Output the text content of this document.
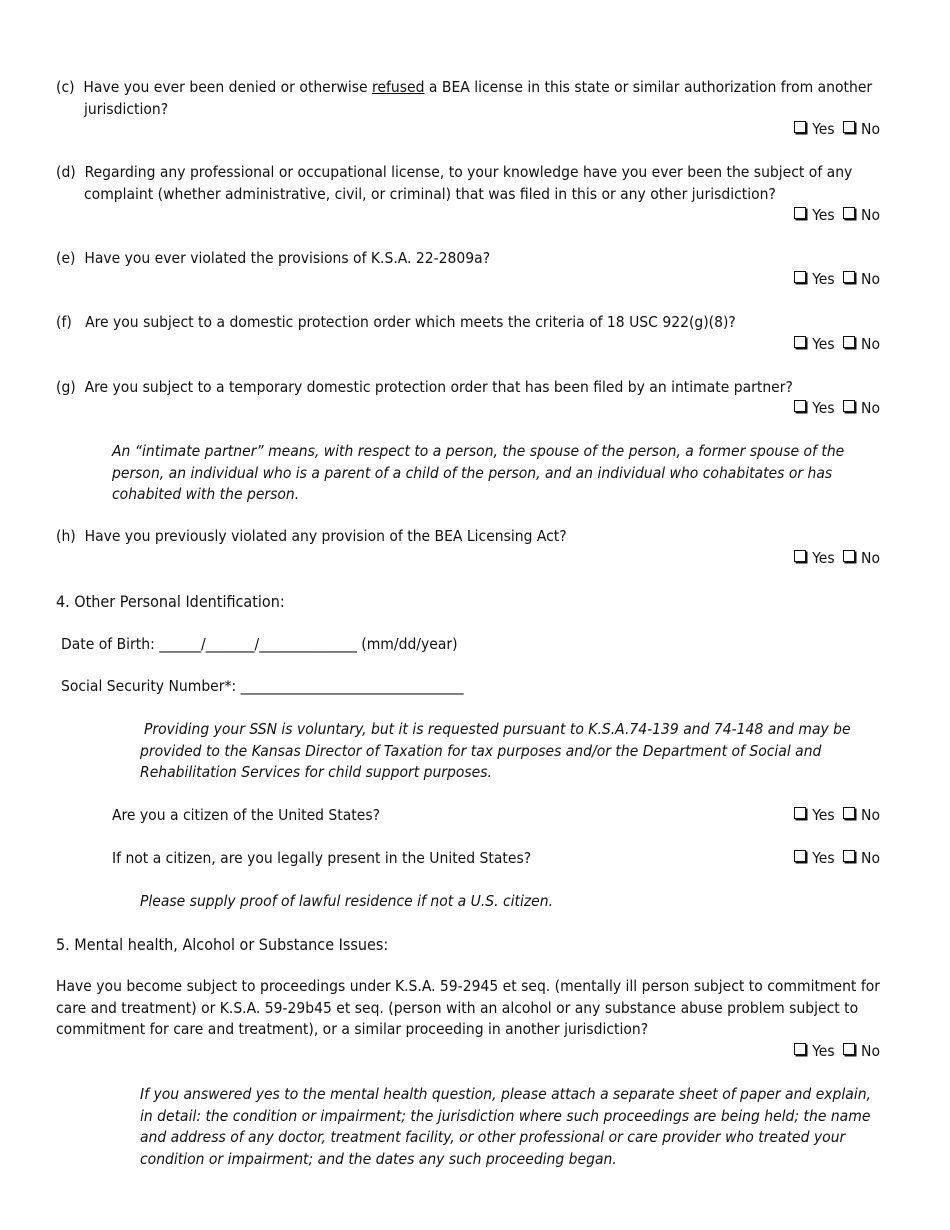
(c) Have you ever been denied or otherwise refused a BEA license in this state or similar authorization from another jurisdiction?
Yes No
(d) Regarding any professional or occupational license, to your knowledge have you ever been the subject of any complaint (whether administrative, civil, or criminal) that was filed in this or any other jurisdiction?
Yes No
(e) Have you ever violated the provisions of K.S.A. 22-2809a?
Yes No
(f) Are you subject to a domestic protection order which meets the criteria of 18 USC 922(g)(8)?
Yes No
(g) Are you subject to a temporary domestic protection order that has been filed by an intimate partner?
Yes No
An “intimate partner” means, with respect to a person, the spouse of the person, a former spouse of the person, an individual who is a parent of a child of the person, and an individual who cohabitates or has cohabited with the person.
(h) Have you previously violated any provision of the BEA Licensing Act?
Yes No
4. Other Personal Identification:
Date of Birth: ______/_______/______________ (mm/dd/year)
Social Security Number*: ________________________________
Providing your SSN is voluntary, but it is requested pursuant to K.S.A.74-139 and 74-148 and may be provided to the Kansas Director of Taxation for tax purposes and/or the Department of Social and Rehabilitation Services for child support purposes.
Are you a citizen of the United States?	Yes No
If not a citizen, are you legally present in the United States?	Yes No
Please supply proof of lawful residence if not a U.S. citizen.
5. Mental health, Alcohol or Substance Issues:
Have you become subject to proceedings under K.S.A. 59-2945 et seq. (mentally ill person subject to commitment for care and treatment) or K.S.A. 59-29b45 et seq. (person with an alcohol or any substance abuse problem subject to commitment for care and treatment), or a similar proceeding in another jurisdiction?
Yes No
If you answered yes to the mental health question, please attach a separate sheet of paper and explain, in detail: the condition or impairment; the jurisdiction where such proceedings are being held; the name and address of any doctor, treatment facility, or other professional or care provider who treated your condition or impairment; and the dates any such proceeding began.
